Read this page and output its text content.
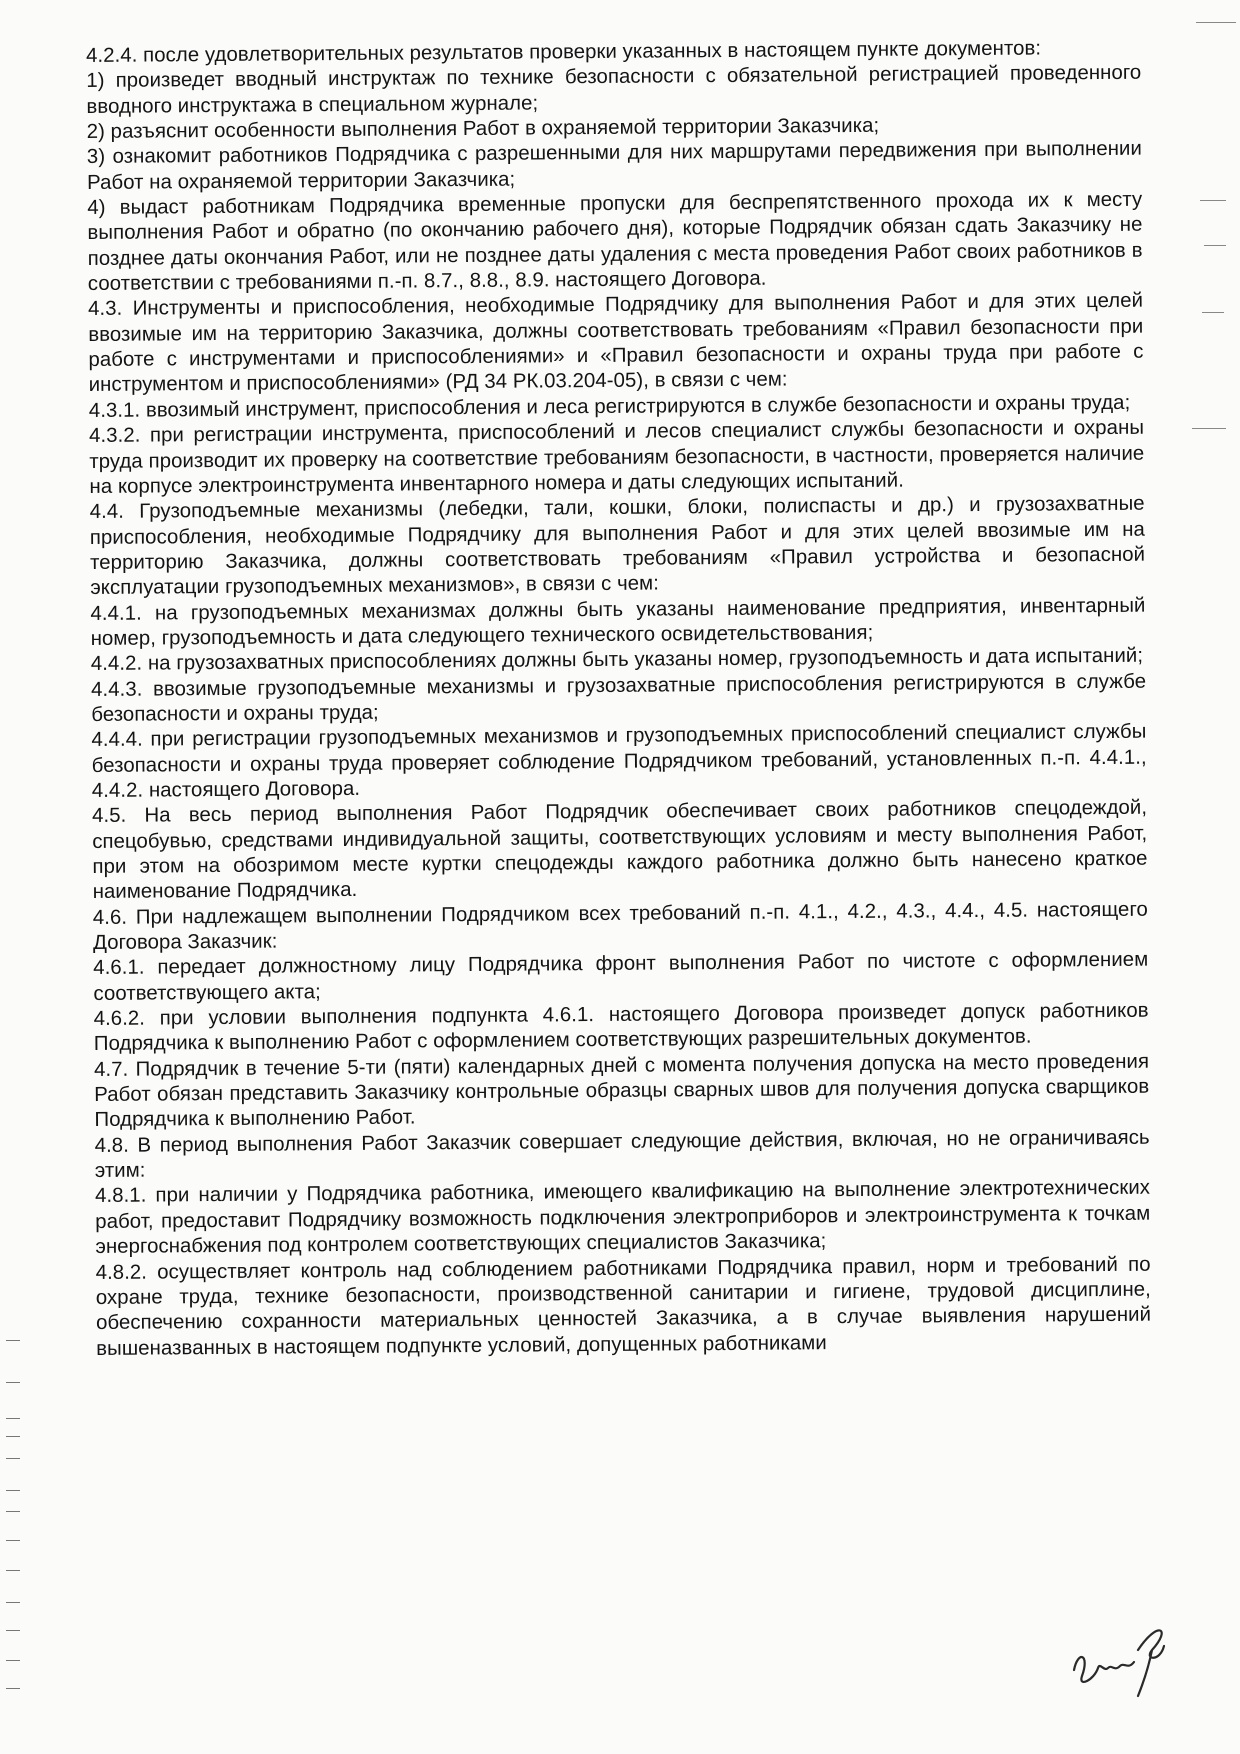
4.2.4. после удовлетворительных результатов проверки указанных в настоящем пункте документов:

1) произведет вводный инструктаж по технике безопасности с обязательной регистрацией проведенного вводного инструктажа в специальном журнале;

2) разъяснит особенности выполнения Работ в охраняемой территории Заказчика;

3) ознакомит работников Подрядчика с разрешенными для них маршрутами передвижения при выполнении Работ на охраняемой территории Заказчика;

4) выдаст работникам Подрядчика временные пропуски для беспрепятственного прохода их к месту выполнения Работ и обратно (по окончанию рабочего дня), которые Подрядчик обязан сдать Заказчику не позднее даты окончания Работ, или не позднее даты удаления с места проведения Работ своих работников в соответствии с требованиями п.-п. 8.7., 8.8., 8.9. настоящего Договора.

4.3. Инструменты и приспособления, необходимые Подрядчику для выполнения Работ и для этих целей ввозимые им на территорию Заказчика, должны соответствовать требованиям «Правил безопасности при работе с инструментами и приспособлениями» и «Правил безопасности и охраны труда при работе с инструментом и приспособлениями» (РД 34 РК.03.204-05), в связи с чем:

4.3.1. ввозимый инструмент, приспособления и леса регистрируются в службе безопасности и охраны труда;

4.3.2. при регистрации инструмента, приспособлений и лесов специалист службы безопасности и охраны труда производит их проверку на соответствие требованиям безопасности, в частности, проверяется наличие на корпусе электроинструмента инвентарного номера и даты следующих испытаний.

4.4. Грузоподъемные механизмы (лебедки, тали, кошки, блоки, полиспасты и др.) и грузозахватные приспособления, необходимые Подрядчику для выполнения Работ и для этих целей ввозимые им на территорию Заказчика, должны соответствовать требованиям «Правил устройства и безопасной эксплуатации грузоподъемных механизмов», в связи с чем:

4.4.1. на грузоподъемных механизмах должны быть указаны наименование предприятия, инвентарный номер, грузоподъемность и дата следующего технического освидетельствования;

4.4.2. на грузозахватных приспособлениях должны быть указаны номер, грузоподъемность и дата испытаний;

4.4.3. ввозимые грузоподъемные механизмы и грузозахватные приспособления регистрируются в службе безопасности и охраны труда;

4.4.4. при регистрации грузоподъемных механизмов и грузоподъемных приспособлений специалист службы безопасности и охраны труда проверяет соблюдение Подрядчиком требований, установленных п.-п. 4.4.1., 4.4.2. настоящего Договора.

4.5. На весь период выполнения Работ Подрядчик обеспечивает своих работников спецодеждой, спецобувью, средствами индивидуальной защиты, соответствующих условиям и месту выполнения Работ, при этом на обозримом месте куртки спецодежды каждого работника должно быть нанесено краткое наименование Подрядчика.

4.6. При надлежащем выполнении Подрядчиком всех требований п.-п. 4.1., 4.2., 4.3., 4.4., 4.5. настоящего Договора Заказчик:

4.6.1. передает должностному лицу Подрядчика фронт выполнения Работ по чистоте с оформлением соответствующего акта;

4.6.2. при условии выполнения подпункта 4.6.1. настоящего Договора произведет допуск работников Подрядчика к выполнению Работ с оформлением соответствующих разрешительных документов.

4.7. Подрядчик в течение 5-ти (пяти) календарных дней с момента получения допуска на место проведения Работ обязан представить Заказчику контрольные образцы сварных швов для получения допуска сварщиков Подрядчика к выполнению Работ.

4.8. В период выполнения Работ Заказчик совершает следующие действия, включая, но не ограничиваясь этим:

4.8.1. при наличии у Подрядчика работника, имеющего квалификацию на выполнение электротехнических работ, предоставит Подрядчику возможность подключения электроприборов и электроинструмента к точкам энергоснабжения под контролем соответствующих специалистов Заказчика;

4.8.2. осуществляет контроль над соблюдением работниками Подрядчика правил, норм и требований по охране труда, технике безопасности, производственной санитарии и гигиене, трудовой дисциплине, обеспечению сохранности материальных ценностей Заказчика, а в случае выявления нарушений вышеназванных в настоящем подпункте условий, допущенных работниками
